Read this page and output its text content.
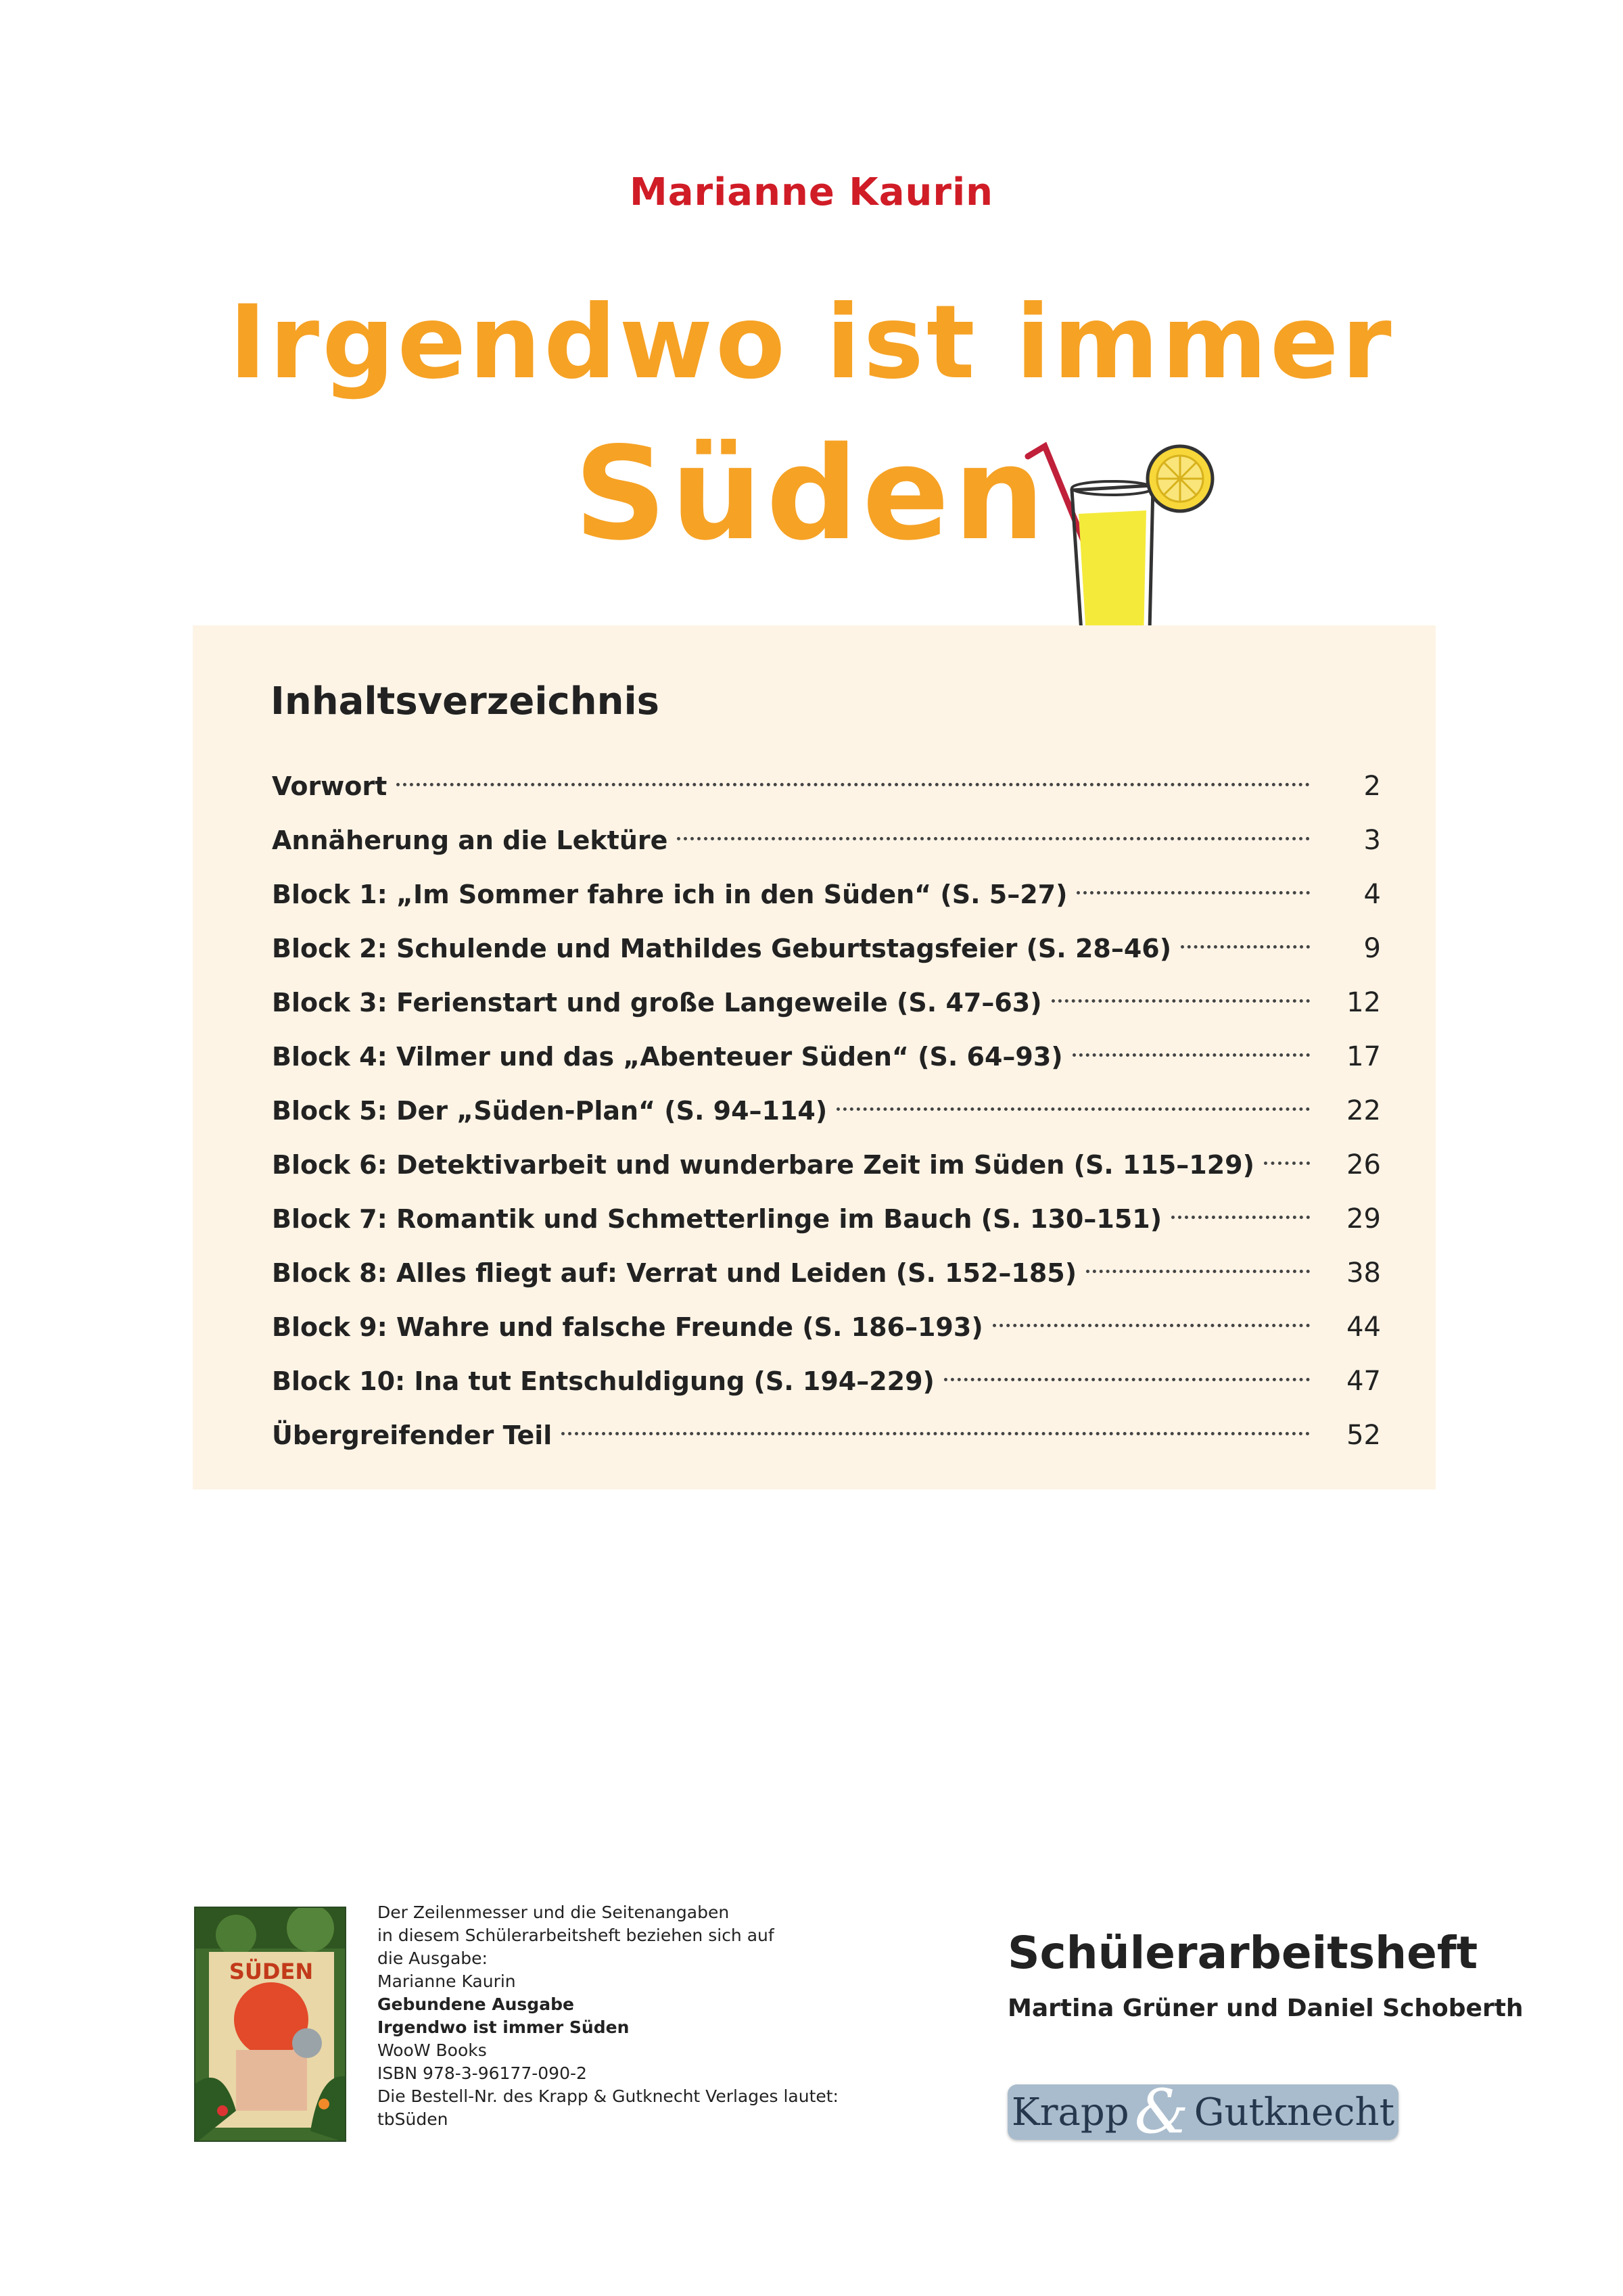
Marianne Kaurin
Irgendwo ist immer
Süden
Inhaltsverzeichnis
Vorwort	2
Annäherung an die Lektüre	3
Block 1: „Im Sommer fahre ich in den Süden“ (S. 5–27)	4
Block 2: Schulende und Mathildes Geburtstagsfeier (S. 28–46)	9
Block 3: Ferienstart und große Langeweile (S. 47–63)	12
Block 4: Vilmer und das „Abenteuer Süden“ (S. 64–93)	17
Block 5: Der „Süden-Plan“ (S. 94–114)	22
Block 6: Detektivarbeit und wunderbare Zeit im Süden (S. 115–129)	26
Block 7: Romantik und Schmetterlinge im Bauch (S. 130–151)	29
Block 8: Alles fliegt auf: Verrat und Leiden (S. 152–185)	38
Block 9: Wahre und falsche Freunde (S. 186–193)	44
Block 10: Ina tut Entschuldigung (S. 194–229)	47
Übergreifender Teil	52
SÜDEN
Der Zeilenmesser und die Seitenangaben
in diesem Schülerarbeitsheft beziehen sich auf
die Ausgabe:
Marianne Kaurin
Gebundene Ausgabe
Irgendwo ist immer Süden
WooW Books
ISBN 978-3-96177-090-2
Die Bestell-Nr. des Krapp & Gutknecht Verlages lautet:
tbSüden
Schülerarbeitsheft
Martina Grüner und Daniel Schoberth
Krapp & Gutknecht
